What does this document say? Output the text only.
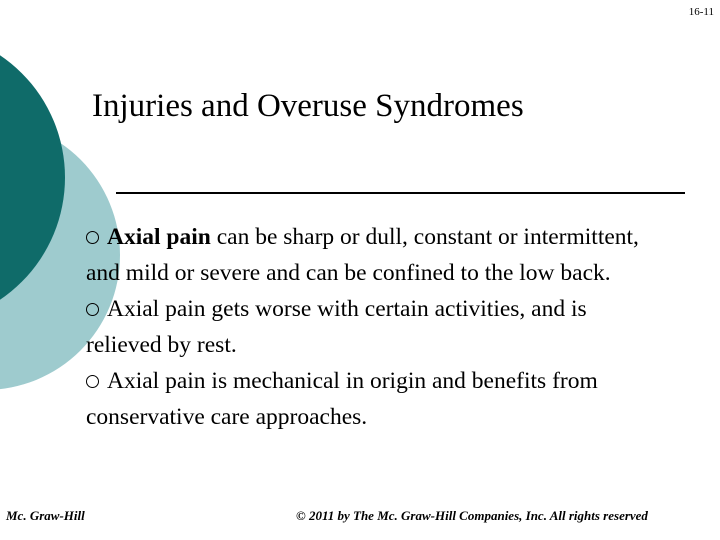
16-11
Injuries and Overuse Syndromes

Axial pain can be sharp or dull, constant or intermittent, and mild or severe and can be confined to the low back.

Axial pain gets worse with certain activities, and is relieved by rest.

Axial pain is mechanical in origin and benefits from conservative care approaches.

Mc. Graw-Hill	© 2011 by The Mc. Graw-Hill Companies, Inc. All rights reserved
